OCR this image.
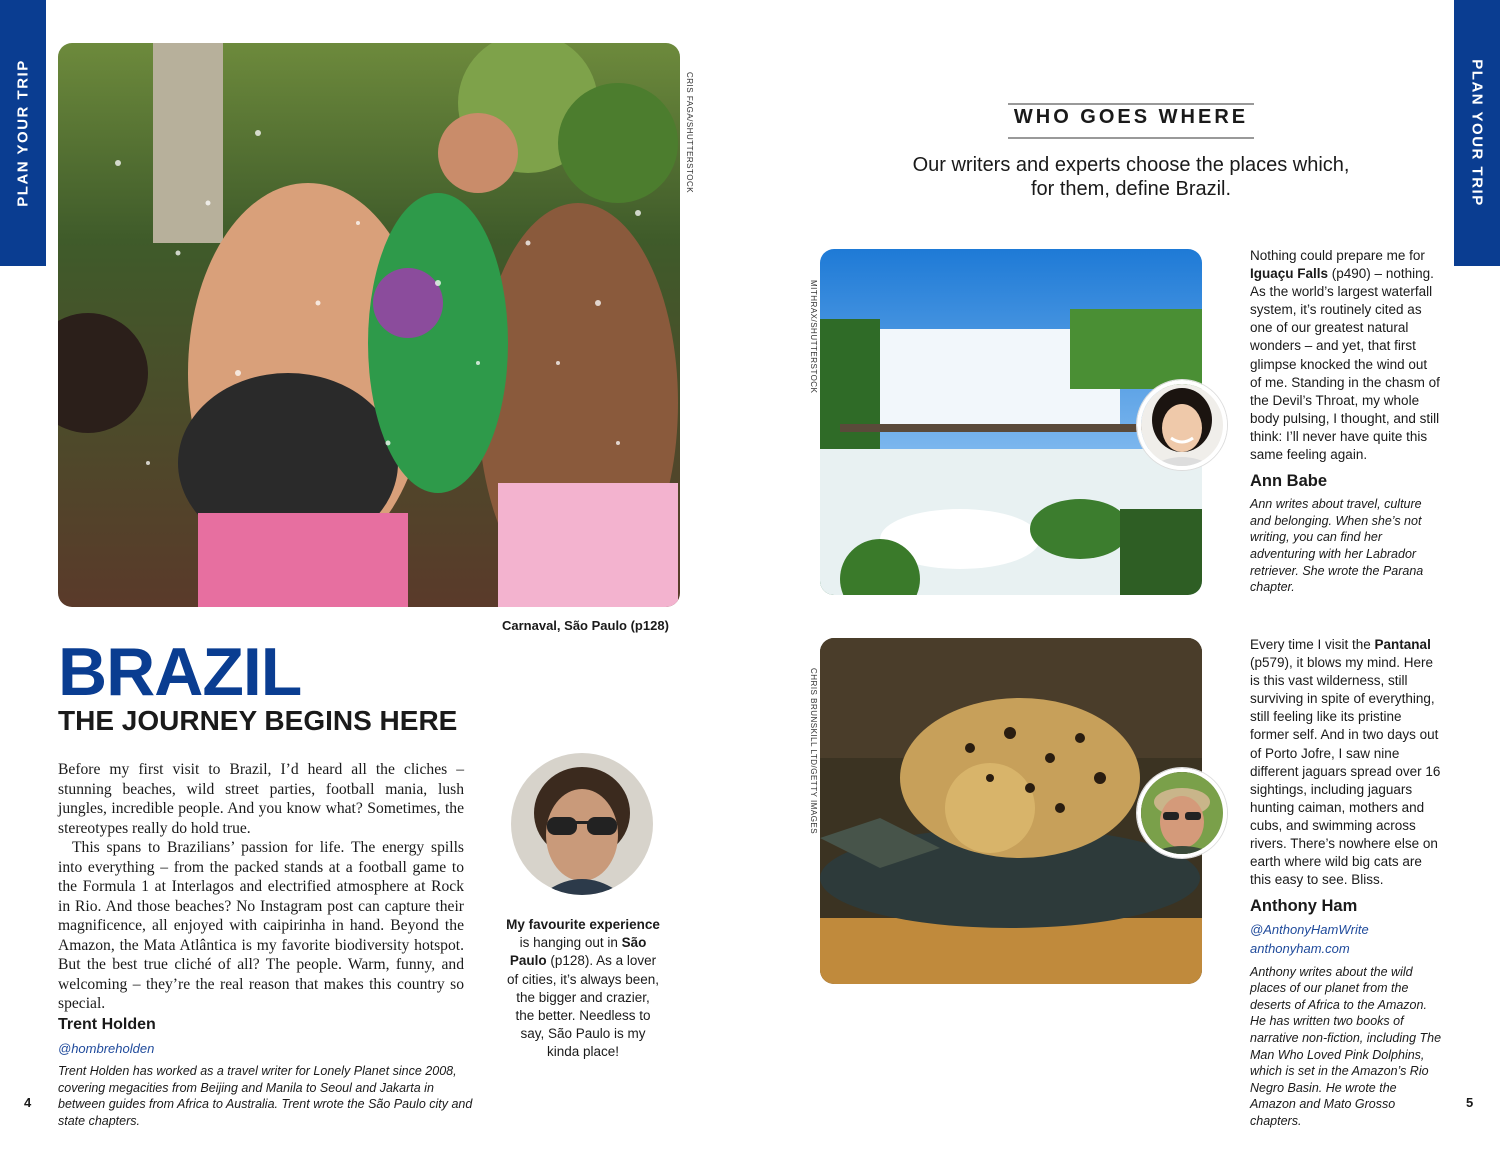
PLAN YOUR TRIP	PLAN YOUR TRIP
CRIS FAGA/SHUTTERSTOCK
Carnaval, São Paulo (p128)
BRAZIL
THE JOURNEY BEGINS HERE

Before my first visit to Brazil, I’d heard all the cliches – stunning beaches, wild street parties, football mania, lush jungles, incredible people. And you know what? Sometimes, the stereotypes really do hold true.

This spans to Brazilians’ passion for life. The energy spills into everything – from the packed stands at a football game to the Formula 1 at Interlagos and electrified atmosphere at Rock in Rio. And those beaches? No Instagram post can capture their magnificence, all enjoyed with caipirinha in hand. Beyond the Amazon, the Mata Atlântica is my favorite biodiversity hotspot. But the best true cliché of all? The people. Warm, funny, and welcoming – they’re the real reason that makes this country so special.

Trent Holden
@hombreholden
Trent Holden has worked as a travel writer for Lonely Planet since 2008, covering megacities from Beijing and Manila to Seoul and Jakarta in between guides from Africa to Australia. Trent wrote the São Paulo city and state chapters.
My favourite experience is hanging out in São Paulo (p128). As a lover of cities, it’s always been, the bigger and crazier, the better. Needless to say, São Paulo is my kinda place!
4
WHO GOES WHERE
Our writers and experts choose the places which,
for them, define Brazil.
MITHRAX/SHUTTERSTOCK
Nothing could prepare me for Iguaçu Falls (p490) – nothing. As the world’s largest waterfall system, it’s routinely cited as one of our greatest natural wonders – and yet, that first glimpse knocked the wind out of me. Standing in the chasm of the Devil’s Throat, my whole body pulsing, I thought, and still think: I’ll never have quite this same feeling again.
Ann Babe
Ann writes about travel, culture and belonging. When she’s not writing, you can find her adventuring with her Labrador retriever. She wrote the Parana chapter.
CHRIS BRUNSKILL LTD/GETTY IMAGES
Every time I visit the Pantanal (p579), it blows my mind. Here is this vast wilderness, still surviving in spite of everything, still feeling like its pristine former self. And in two days out of Porto Jofre, I saw nine different jaguars spread over 16 sightings, including jaguars hunting caiman, mothers and cubs, and swimming across rivers. There’s nowhere else on earth where wild big cats are this easy to see. Bliss.
Anthony Ham
@AnthonyHamWrite
anthonyham.com
Anthony writes about the wild places of our planet from the deserts of Africa to the Amazon. He has written two books of narrative non-fiction, including The Man Who Loved Pink Dolphins, which is set in the Amazon’s Rio Negro Basin. He wrote the Amazon and Mato Grosso chapters.
5
